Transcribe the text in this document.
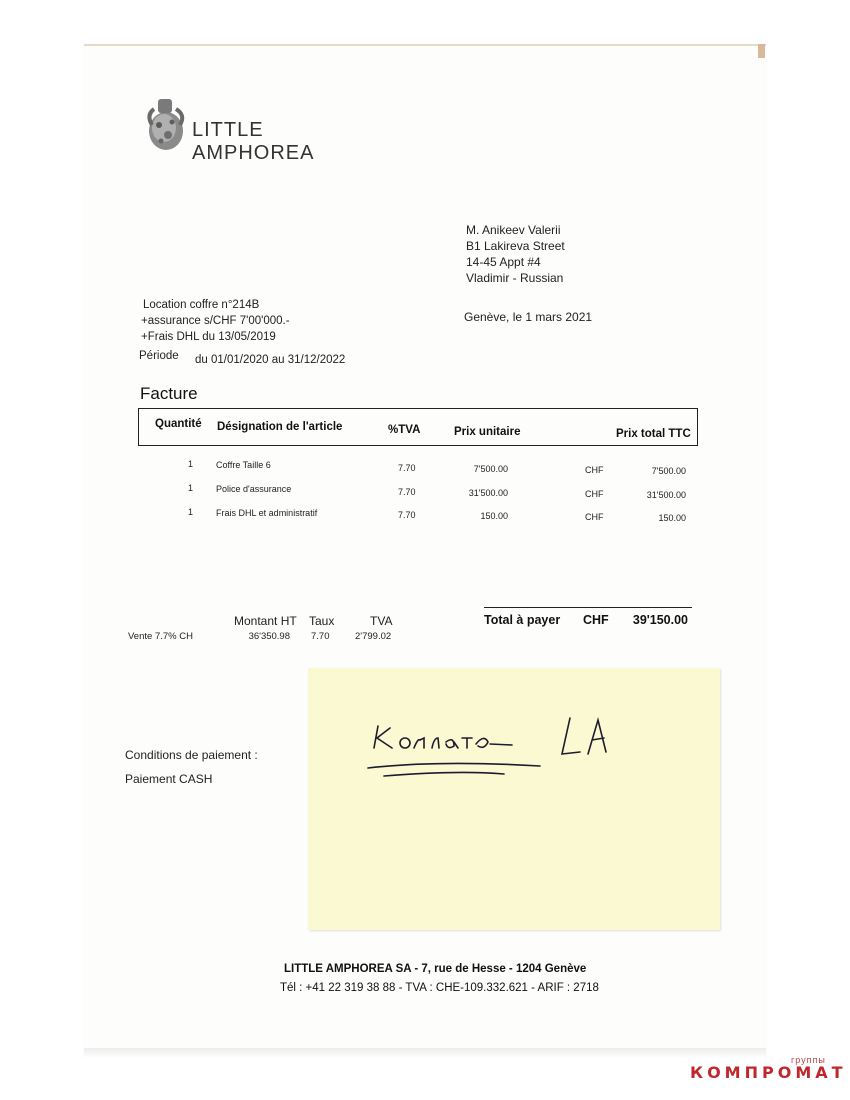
LITTLE AMPHOREA
M. Anikeev Valerii
B1 Lakireva Street
14-45 Appt #4
Vladimir - Russian
Location coffre n°214B
+assurance s/CHF 7'00'000.-
+Frais DHL du 13/05/2019
Période du 01/01/2020 au 31/12/2022
Genève, le 1 mars 2021
Facture
Quantité Désignation de l'article	%TVA	Prix unitaire	Prix total TTC
1	Coffre Taille 6	7.70	7'500.00	CHF	7'500.00
1	Police d'assurance	7.70	31'500.00	CHF	31'500.00
1	Frais DHL et administratif	7.70	150.00	CHF	150.00
Montant HT Taux	TVA
Vente 7.7% CH	36'350.98 7.70	2'799.02
Total à payer CHF	39'150.00
Conditions de paiement :
Paiement CASH
LITTLE AMPHOREA SA - 7, rue de Hesse - 1204 Genève
Tél : +41 22 319 38 88 - TVA : CHE-109.332.621 - ARIF : 2718
группы
КОМПРОМАТ
